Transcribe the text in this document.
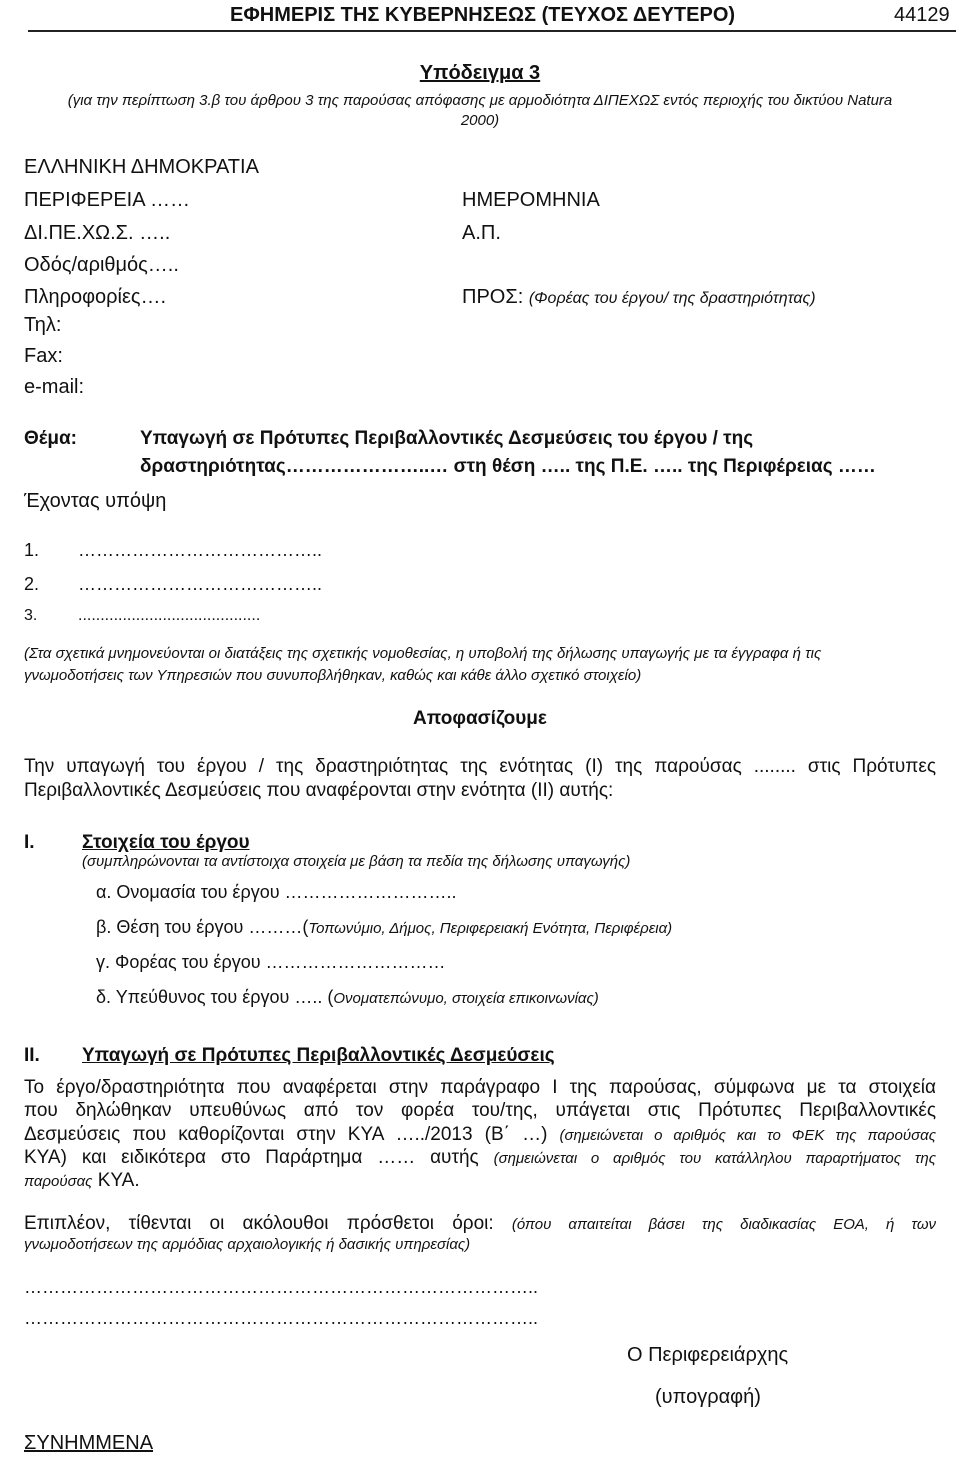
ΕΦΗΜΕΡΙΣ ΤΗΣ ΚΥΒΕΡΝΗΣΕΩΣ (ΤΕΥΧΟΣ ΔΕΥΤΕΡΟ)	44129
Υπόδειγμα 3
(για την περίπτωση 3.β του άρθρου 3 της παρούσας απόφασης με αρμοδιότητα ΔΙΠΕΧΩΣ εντός περιοχής του δικτύου Natura
2000)
ΕΛΛΗΝΙΚΗ ΔΗΜΟΚΡΑΤΙΑ
ΠΕΡΙΦΕΡΕΙΑ ……
ΔΙ.ΠΕ.ΧΩ.Σ. …..
Οδός/αριθμός…..
Πληροφορίες….
Τηλ:
Fax:
e-mail:
ΗΜΕΡΟΜΗΝΙΑ
Α.Π.
ΠΡΟΣ: (Φορέας του έργου/ της δραστηριότητας)
Θέμα:	Υπαγωγή σε Πρότυπες Περιβαλλοντικές Δεσμεύσεις του έργου / της
δραστηριότητας…………………..… στη θέση ….. της Π.Ε. ….. της Περιφέρειας ……
Έχοντας υπόψη
1. …………………………………..
2. …………………………………..
3.	.........................................
(Στα σχετικά μνημονεύονται οι διατάξεις της σχετικής νομοθεσίας, η υποβολή της δήλωσης υπαγωγής με τα έγγραφα ή τις
γνωμοδοτήσεις των Υπηρεσιών που συνυποβλήθηκαν, καθώς και κάθε άλλο σχετικό στοιχείο)
Αποφασίζουμε
Την υπαγωγή του έργου / της δραστηριότητας της ενότητας (Ι) της παρούσας ........ στις Πρότυπες
Περιβαλλοντικές Δεσμεύσεις που αναφέρονται στην ενότητα (ΙΙ) αυτής:
Ι. Στοιχεία του έργου
(συμπληρώνονται τα αντίστοιχα στοιχεία με βάση τα πεδία της δήλωσης υπαγωγής)
α. Ονομασία του έργου ………………………..
β. Θέση του έργου ………(Τοπωνύμιο, Δήμος, Περιφερειακή Ενότητα, Περιφέρεια)
γ. Φορέας του έργου …………………………
δ. Υπεύθυνος του έργου ….. (Ονοματεπώνυμο, στοιχεία επικοινωνίας)
ΙΙ. Υπαγωγή σε Πρότυπες Περιβαλλοντικές Δεσμεύσεις
Το έργο/δραστηριότητα που αναφέρεται στην παράγραφο Ι της παρούσας, σύμφωνα με τα στοιχεία
που δηλώθηκαν υπευθύνως από τον φορέα του/της, υπάγεται στις Πρότυπες Περιβαλλοντικές
Δεσμεύσεις που καθορίζονται στην ΚΥΑ …../2013 (Β΄ …) (σημειώνεται ο αριθμός και το ΦΕΚ της παρούσας
ΚΥΑ) και ειδικότερα στο Παράρτημα …… αυτής (σημειώνεται ο αριθμός του κατάλληλου παραρτήματος της
παρούσας ΚΥΑ.
Επιπλέον, τίθενται οι ακόλουθοι πρόσθετοι όροι: (όπου απαιτείται βάσει της διαδικασίας ΕΟΑ, ή των
γνωμοδοτήσεων της αρμόδιας αρχαιολογικής ή δασικής υπηρεσίας)
…………………………………………………………………………..
…………………………………………………………………………..
Ο Περιφερειάρχης
(υπογραφή)
ΣΥΝΗΜΜΕΝΑ
